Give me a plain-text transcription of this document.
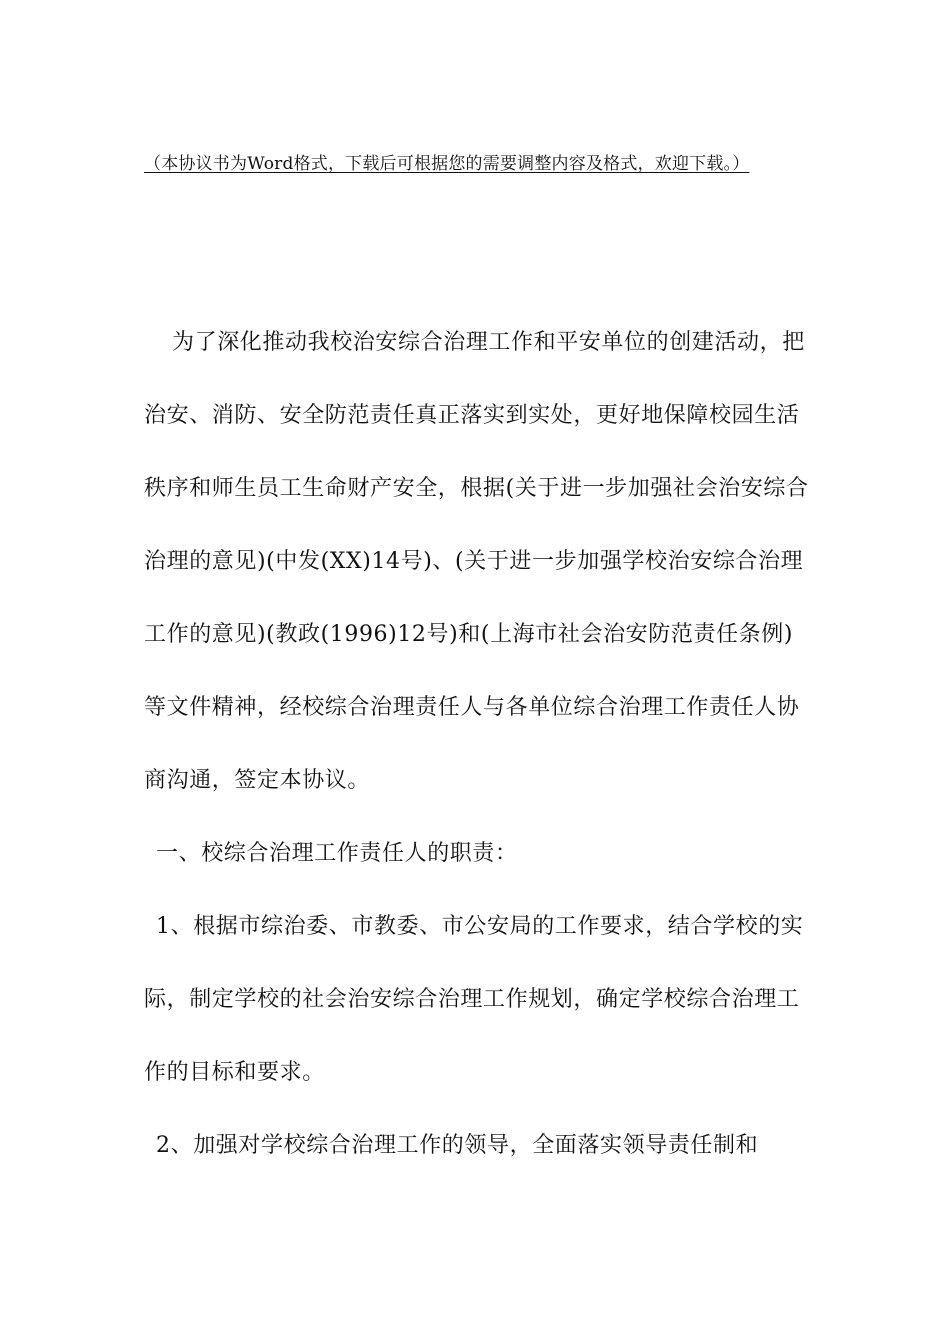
（本协议书为Word格式，下载后可根据您的需要调整内容及格式，欢迎下载。）

为了深化推动我校治安综合治理工作和平安单位的创建活动，把治安、消防、安全防范责任真正落实到实处，更好地保障校园生活秩序和师生员工生命财产安全，根据(关于进一步加强社会治安综合治理的意见)(中发(XX)14号)、(关于进一步加强学校治安综合治理工作的意见)(教政(1996)12号)和(上海市社会治安防范责任条例)等文件精神，经校综合治理责任人与各单位综合治理工作责任人协商沟通，签定本协议。

一、校综合治理工作责任人的职责：

1、根据市综治委、市教委、市公安局的工作要求，结合学校的实际，制定学校的社会治安综合治理工作规划，确定学校综合治理工作的目标和要求。

2、加强对学校综合治理工作的领导，全面落实领导责任制和
